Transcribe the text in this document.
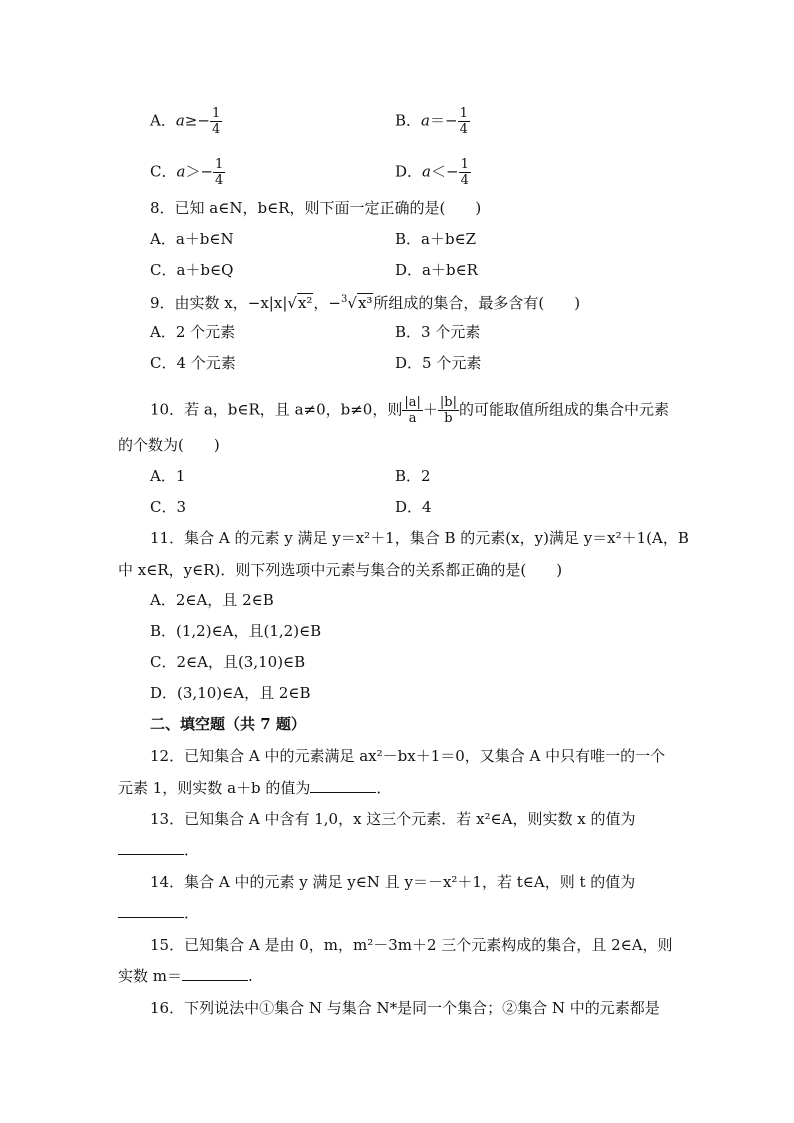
A．$a\ge- \frac{1}{4}$	B．$a=- \frac{1}{4}$
C．$a>- \frac{1}{4}$	D．$a<- \frac{1}{4}$
8．已知 a∈N，b∈R，则下面一定正确的是(　　)
A．a＋b∈N	B．a＋b∈Z
C．a＋b∈Q	D．a＋b∈R
9．由实数 x，−x|x|√x²，−$^3$√x³所组成的集合，最多含有(　　)
A．2 个元素	B．3 个元素
C．4 个元素	D．5 个元素
10．若 a，b∈R，且 a≠0，b≠0，则 $\frac{|a|}{a} + \frac{|b|}{b}$ 的可能取值所组成的集合中元素
的个数为(　　)
A．1	B．2
C．3	D．4
11．集合 A 的元素 y 满足 y＝x²＋1，集合 B 的元素(x，y)满足 y＝x²＋1(A，B
中 x∈R，y∈R)．则下列选项中元素与集合的关系都正确的是(　　)
A．2∈A，且 2∈B
B．(1,2)∈A，且(1,2)∈B
C．2∈A，且(3,10)∈B
D．(3,10)∈A，且 2∈B
二、填空题（共 7 题）
12．已知集合 A 中的元素满足 ax²－bx＋1＝0，又集合 A 中只有唯一的一个
元素 1，则实数 a＋b 的值为	．
13．已知集合 A 中含有 1,0，x 这三个元素．若 x²∈A，则实数 x 的值为
．
14．集合 A 中的元素 y 满足 y∈N 且 y＝－x²＋1，若 t∈A，则 t 的值为
．
15．已知集合 A 是由 0，m，m²－3m＋2 三个元素构成的集合，且 2∈A，则
实数 m＝	.
16．下列说法中①集合 N 与集合 N*是同一个集合；②集合 N 中的元素都是
